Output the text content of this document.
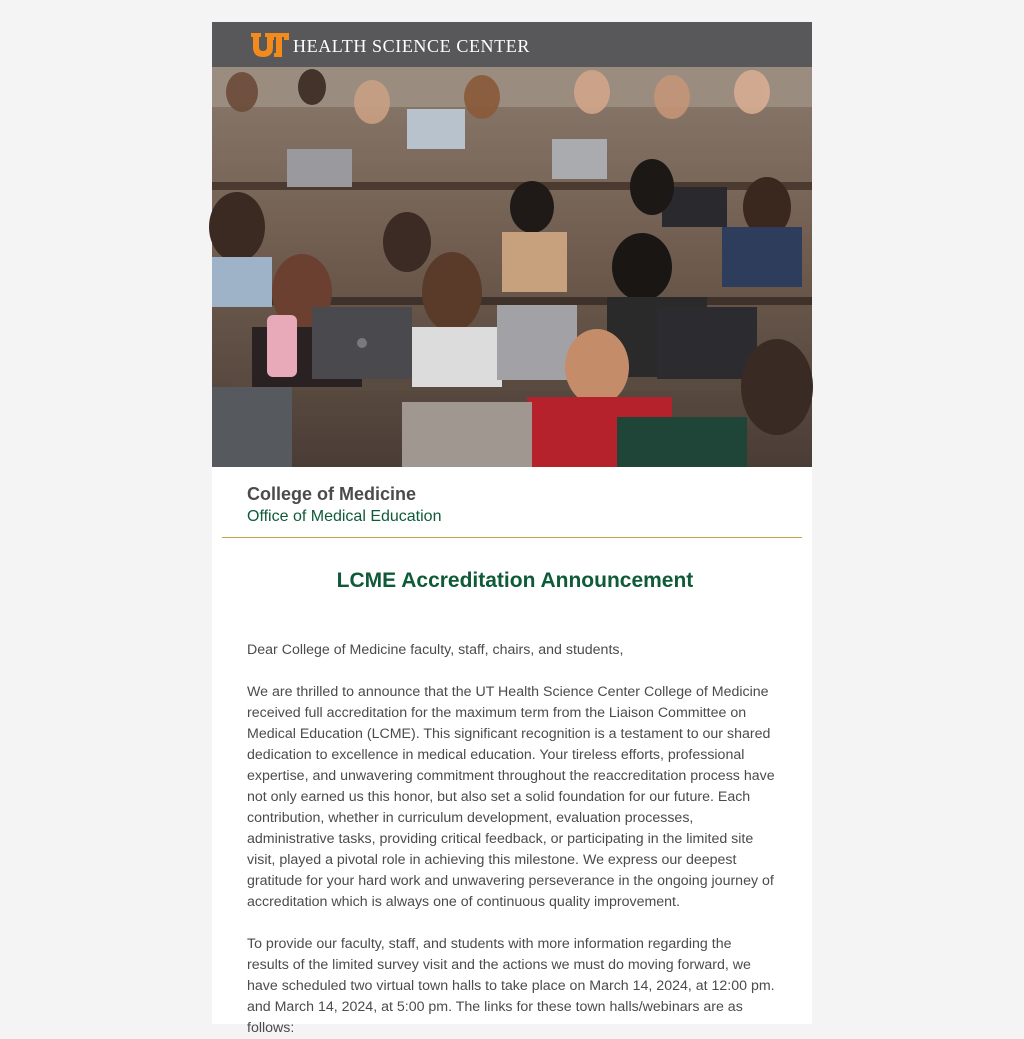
HEALTH SCIENCE CENTER
College of Medicine
Office of Medical Education
LCME Accreditation Announcement

Dear College of Medicine faculty, staff, chairs, and students,

We are thrilled to announce that the UT Health Science Center College of Medicine received full accreditation for the maximum term from the Liaison Committee on Medical Education (LCME). This significant recognition is a testament to our shared dedication to excellence in medical education. Your tireless efforts, professional expertise, and unwavering commitment throughout the reaccreditation process have not only earned us this honor, but also set a solid foundation for our future. Each contribution, whether in curriculum development, evaluation processes, administrative tasks, providing critical feedback, or participating in the limited site visit, played a pivotal role in achieving this milestone. We express our deepest gratitude for your hard work and unwavering perseverance in the ongoing journey of accreditation which is always one of continuous quality improvement.

To provide our faculty, staff, and students with more information regarding the results of the limited survey visit and the actions we must do moving forward, we have scheduled two virtual town halls to take place on March 14, 2024, at 12:00 pm. and March 14, 2024, at 5:00 pm. The links for these town halls/webinars are as follows:
